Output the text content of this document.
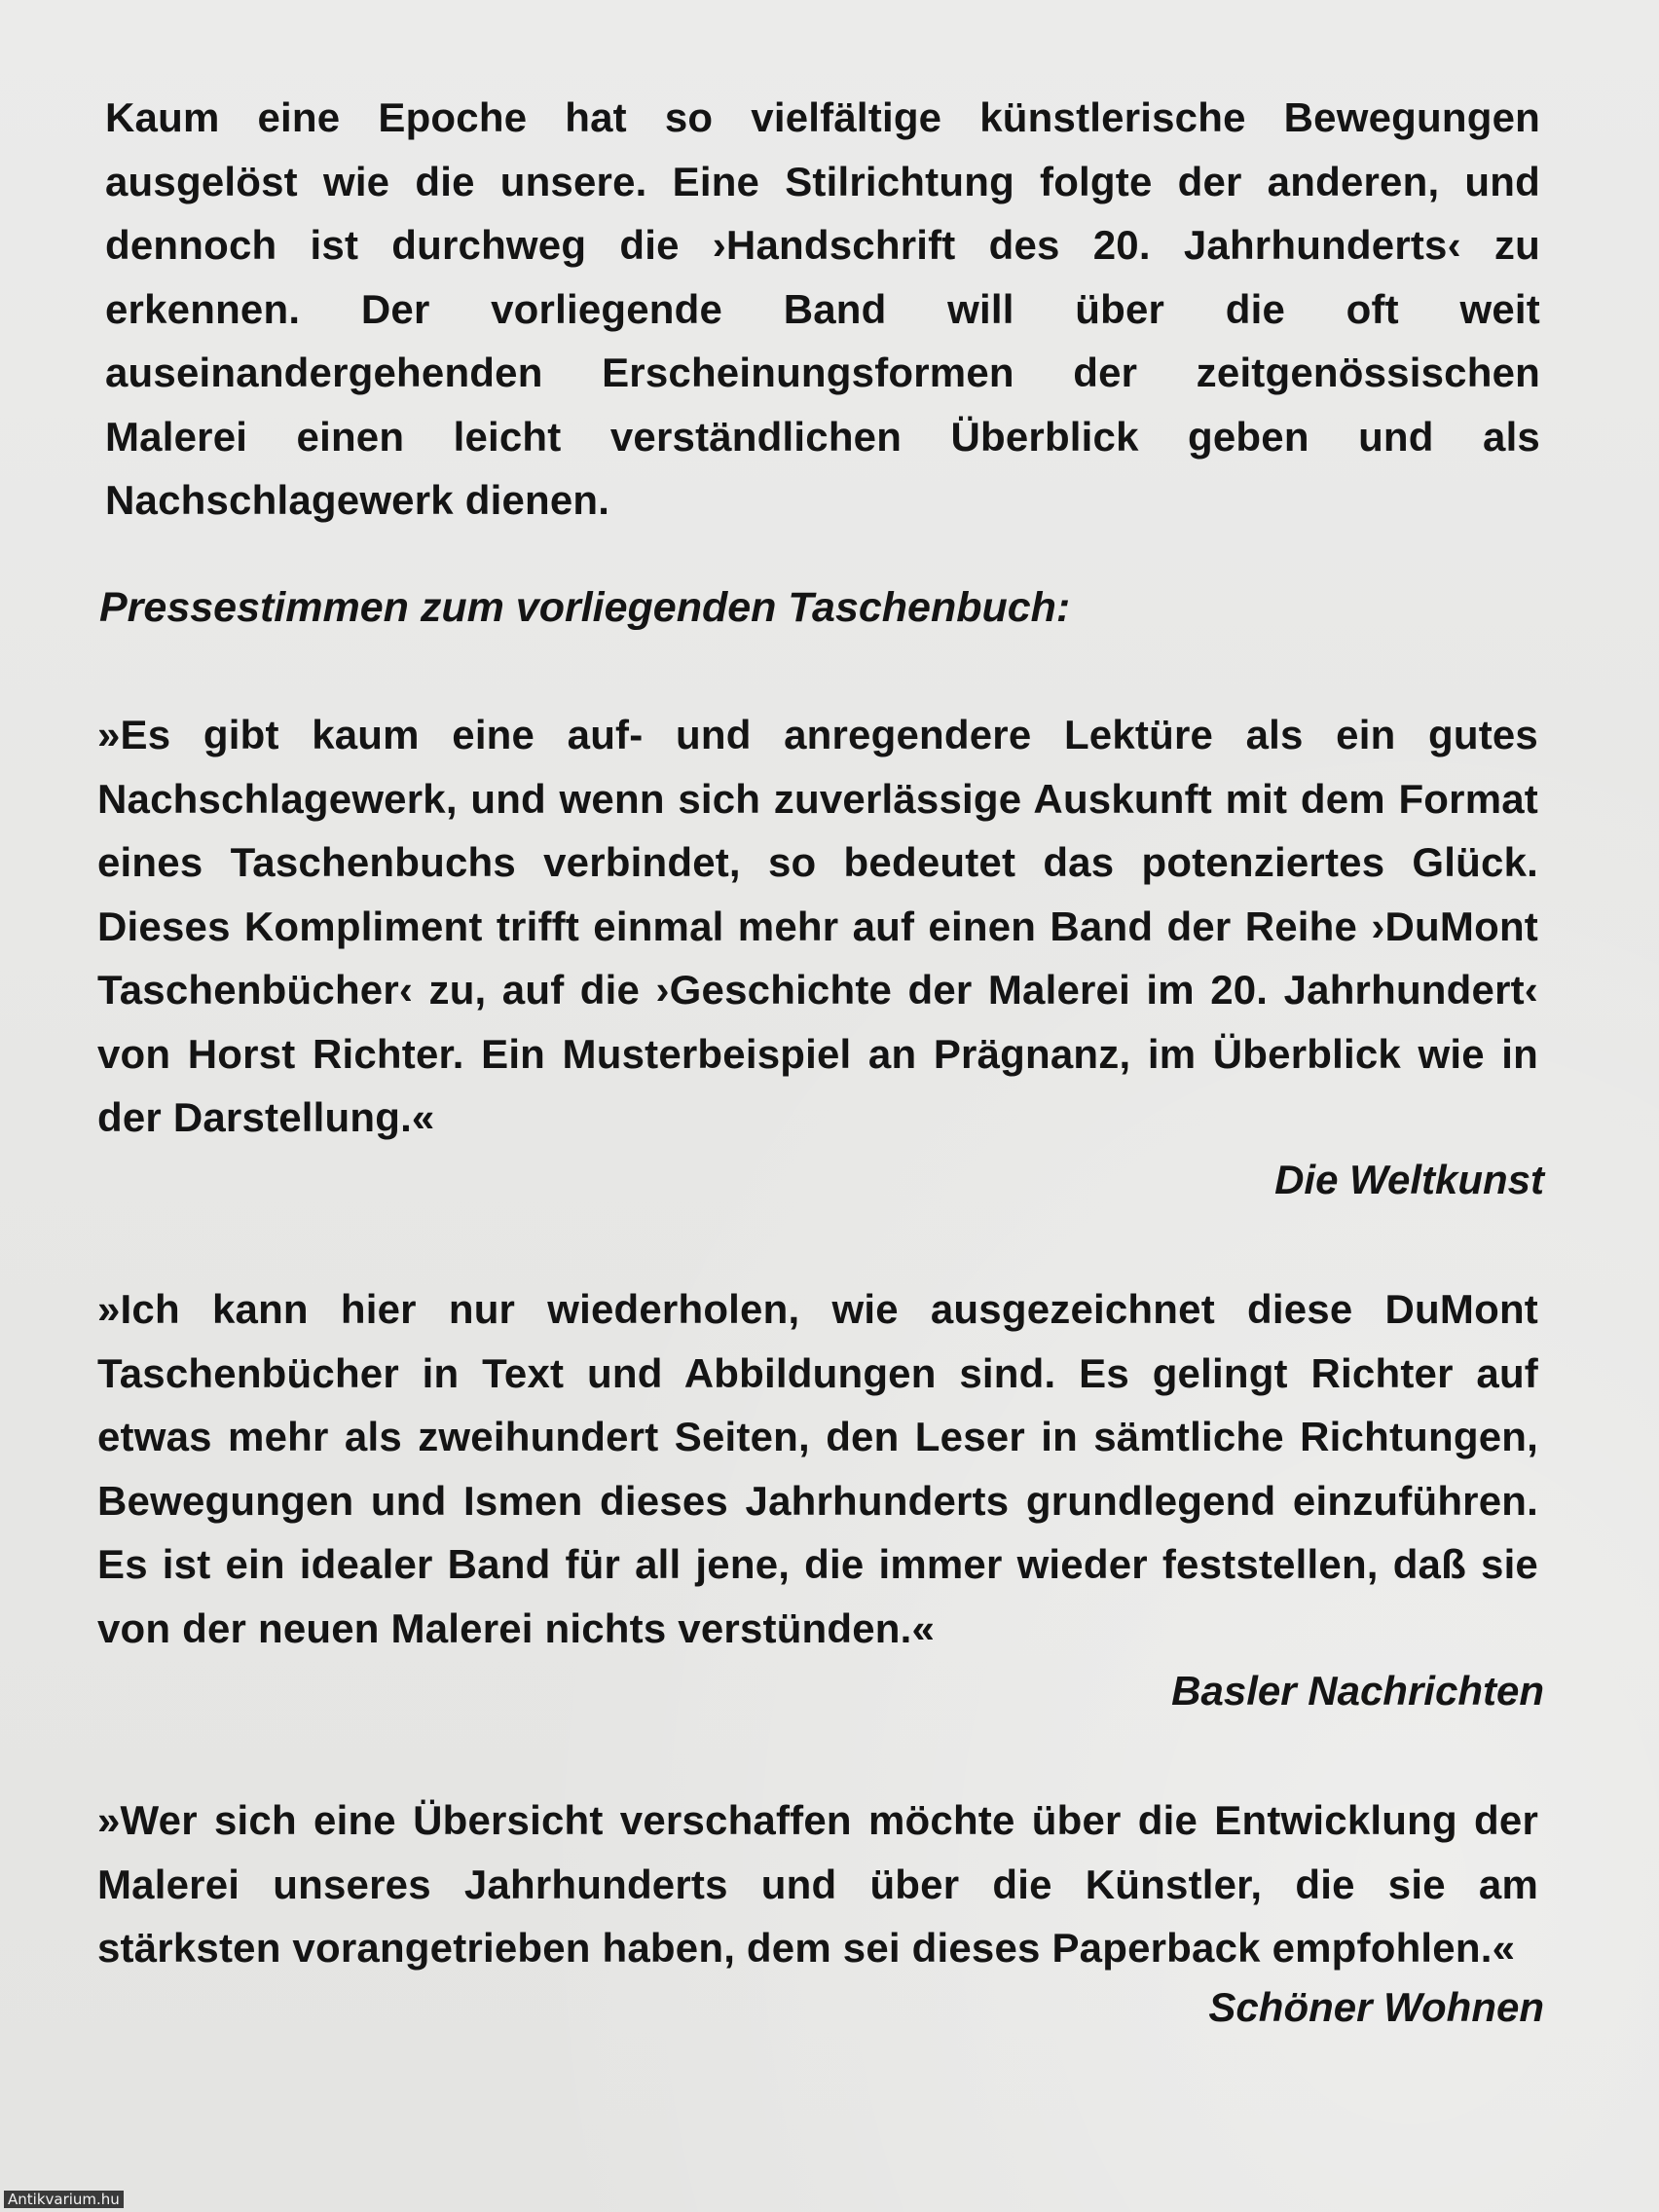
Kaum eine Epoche hat so vielfältige künstlerische Bewegungen ausgelöst wie die unsere. Eine Stilrichtung folgte der anderen, und dennoch ist durchweg die ›Handschrift des 20. Jahrhunderts‹ zu erkennen. Der vorliegende Band will über die oft weit auseinandergehenden Erscheinungsformen der zeitgenössischen Malerei einen leicht verständlichen Überblick geben und als Nachschlagewerk dienen.

Pressestimmen zum vorliegenden Taschenbuch:

»Es gibt kaum eine auf- und anregendere Lektüre als ein gutes Nachschlagewerk, und wenn sich zuverlässige Auskunft mit dem Format eines Taschenbuchs verbindet, so bedeutet das potenziertes Glück. Dieses Kompliment trifft einmal mehr auf einen Band der Reihe ›DuMont Taschenbücher‹ zu, auf die ›Geschichte der Malerei im 20. Jahrhundert‹ von Horst Richter. Ein Musterbeispiel an Prägnanz, im Überblick wie in der Darstellung.«

Die Weltkunst

»Ich kann hier nur wiederholen, wie ausgezeichnet diese DuMont Taschenbücher in Text und Abbildungen sind. Es gelingt Richter auf etwas mehr als zweihundert Seiten, den Leser in sämtliche Richtungen, Bewegungen und Ismen dieses Jahrhunderts grundlegend einzuführen. Es ist ein idealer Band für all jene, die immer wieder feststellen, daß sie von der neuen Malerei nichts verstünden.«

Basler Nachrichten

»Wer sich eine Übersicht verschaffen möchte über die Entwicklung der Malerei unseres Jahrhunderts und über die Künstler, die sie am stärksten vorangetrieben haben, dem sei dieses Paperback empfohlen.«

Schöner Wohnen

Antikvarium.hu
